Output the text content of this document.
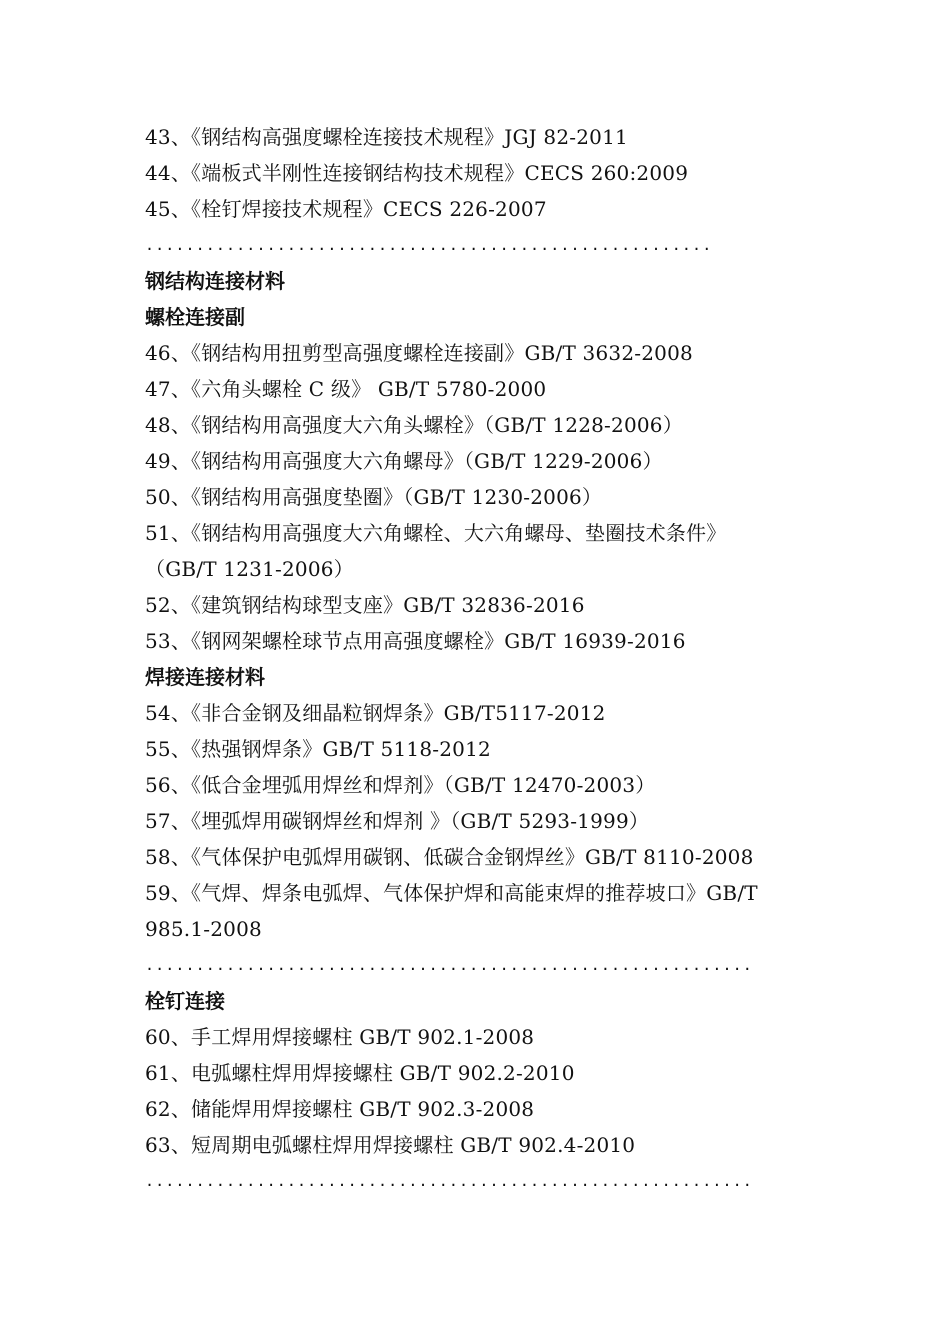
43、《钢结构高强度螺栓连接技术规程》JGJ 82-2011
44、《端板式半刚性连接钢结构技术规程》CECS 260:2009
45、《栓钉焊接技术规程》CECS 226-2007
........................................................
钢结构连接材料
螺栓连接副
46、《钢结构用扭剪型高强度螺栓连接副》GB/T 3632-2008
47、《六角头螺栓 C 级》 GB/T 5780-2000
48、《钢结构用高强度大六角头螺栓》（GB/T 1228-2006）
49、《钢结构用高强度大六角螺母》（GB/T 1229-2006）
50、《钢结构用高强度垫圈》（GB/T 1230-2006）
51、《钢结构用高强度大六角螺栓、大六角螺母、垫圈技术条件》
（GB/T 1231-2006）
52、《建筑钢结构球型支座》GB/T 32836-2016
53、《钢网架螺栓球节点用高强度螺栓》GB/T 16939-2016
焊接连接材料
54、《非合金钢及细晶粒钢焊条》GB/T5117-2012
55、《热强钢焊条》GB/T 5118-2012
56、《低合金埋弧用焊丝和焊剂》（GB/T 12470-2003）
57、《埋弧焊用碳钢焊丝和焊剂 》（GB/T 5293-1999）
58、《气体保护电弧焊用碳钢、低碳合金钢焊丝》GB/T 8110-2008
59、《气焊、焊条电弧焊、气体保护焊和高能束焊的推荐坡口》GB/T
985.1-2008
............................................................
栓钉连接
60、手工焊用焊接螺柱 GB/T 902.1-2008
61、电弧螺柱焊用焊接螺柱 GB/T 902.2-2010
62、储能焊用焊接螺柱 GB/T 902.3-2008
63、短周期电弧螺柱焊用焊接螺柱 GB/T 902.4-2010
............................................................
